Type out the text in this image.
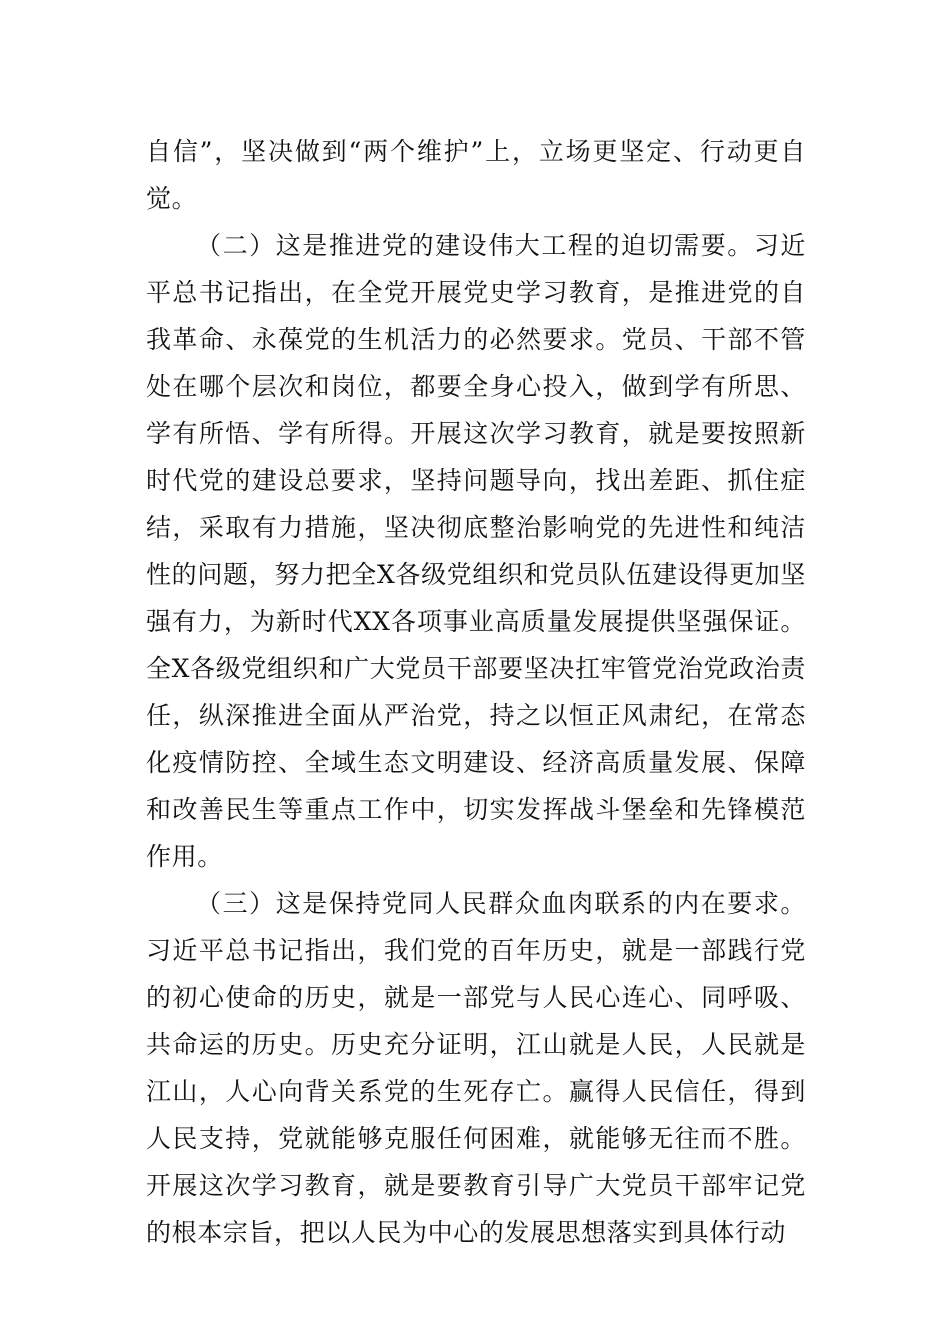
自信”，坚决做到“两个维护”上，立场更坚定、行动更自觉。

（二）这是推进党的建设伟大工程的迫切需要。习近平总书记指出，在全党开展党史学习教育，是推进党的自我革命、永葆党的生机活力的必然要求。党员、干部不管处在哪个层次和岗位，都要全身心投入，做到学有所思、学有所悟、学有所得。开展这次学习教育，就是要按照新时代党的建设总要求，坚持问题导向，找出差距、抓住症结，采取有力措施，坚决彻底整治影响党的先进性和纯洁性的问题，努力把全X各级党组织和党员队伍建设得更加坚强有力，为新时代XX各项事业高质量发展提供坚强保证。全X各级党组织和广大党员干部要坚决扛牢管党治党政治责任，纵深推进全面从严治党，持之以恒正风肃纪，在常态化疫情防控、全域生态文明建设、经济高质量发展、保障和改善民生等重点工作中，切实发挥战斗堡垒和先锋模范作用。

（三）这是保持党同人民群众血肉联系的内在要求。习近平总书记指出，我们党的百年历史，就是一部践行党的初心使命的历史，就是一部党与人民心连心、同呼吸、共命运的历史。历史充分证明，江山就是人民，人民就是江山，人心向背关系党的生死存亡。赢得人民信任，得到人民支持，党就能够克服任何困难，就能够无往而不胜。开展这次学习教育，就是要教育引导广大党员干部牢记党的根本宗旨，把以人民为中心的发展思想落实到具体行动
